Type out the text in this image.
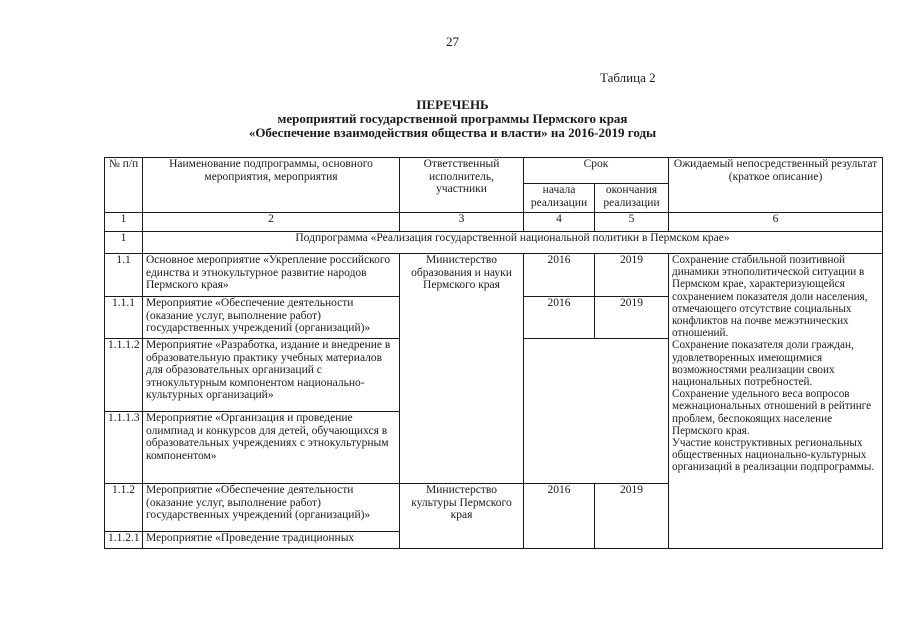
27
Таблица 2
ПЕРЕЧЕНЬ
мероприятий государственной программы Пермского края
«Обеспечение взаимодействия общества и власти» на 2016-2019 годы
№ п/п	Наименование подпрограммы, основного мероприятия, мероприятия	Ответственный исполнитель, участники	Срок		Ожидаемый непосредственный результат (краткое описание)
			начала реализации	окончания реализации	
1	2	3	4	5	6
1	Подпрограмма «Реализация государственной национальной политики в Пермском крае»				
1.1	Основное мероприятие «Укрепление российского единства и этнокультурное развитие народов Пермского края»	Министерство образования и науки Пермского края	2016	2019	Сохранение стабильной позитивной динамики этнополитической ситуации в Пермском крае, характеризующейся сохранением показателя доли населения, отмечающего отсутствие социальных конфликтов на почве межэтнических отношений.

Сохранение показателя доли граждан, удовлетворенных имеющимися возможностями реализации своих национальных потребностей.

Сохранение удельного веса вопросов межнациональных отношений в рейтинге проблем, беспокоящих население Пермского края.

Участие конструктивных региональных общественных национально-культурных организаций в реализации подпрограммы.

1.1.1	Мероприятие «Обеспечение деятельности (оказание услуг, выполнение работ) государственных учреждений (организаций)»		2016	2019	
1.1.1.2	Мероприятие «Разработка, издание и внедрение в образовательную практику учебных материалов для образовательных организаций с этнокультурным компонентом национально-культурных организаций»				
1.1.1.3	Мероприятие «Организация и проведение олимпиад и конкурсов для детей, обучающихся в образовательных учреждениях с этнокультурным компонентом»				
1.1.2	Мероприятие «Обеспечение деятельности (оказание услуг, выполнение работ) государственных учреждений (организаций)»	Министерство культуры Пермского края	2016	2019	
1.1.2.1	Мероприятие «Проведение традиционных				
